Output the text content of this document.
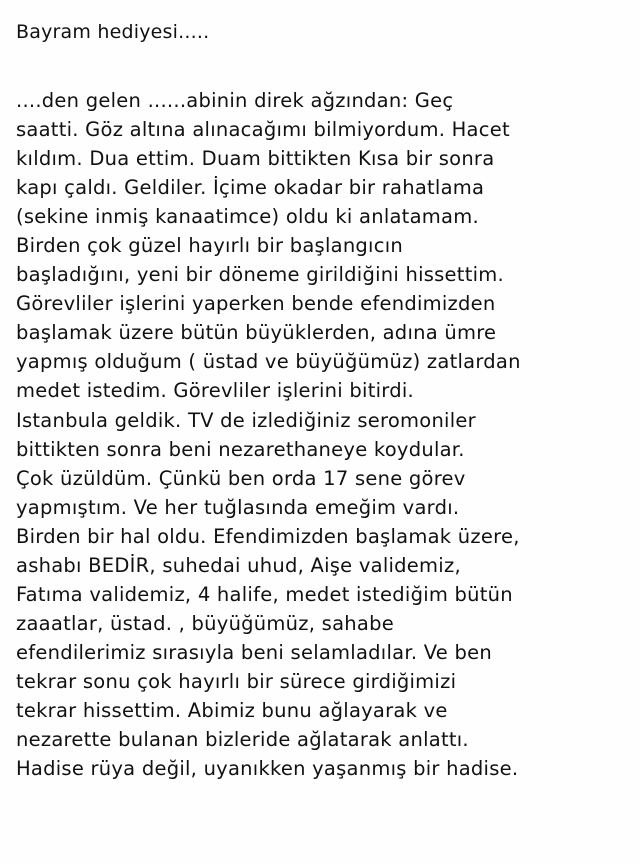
Bayram hediyesi.....
....den gelen ......abinin direk ağzından: Geç
saatti. Göz altına alınacağımı bilmiyordum. Hacet
kıldım. Dua ettim. Duam bittikten Kısa bir sonra
kapı çaldı. Geldiler. İçime okadar bir rahatlama
(sekine inmiş kanaatimce) oldu ki anlatamam.
Birden çok güzel hayırlı bir başlangıcın
başladığını, yeni bir döneme girildiğini hissettim.
Görevliler işlerini yaperken bende efendimizden
başlamak üzere bütün büyüklerden, adına ümre
yapmış olduğum ( üstad ve büyüğümüz) zatlardan
medet istedim. Görevliler işlerini bitirdi.
Istanbula geldik. TV de izlediğiniz seromoniler
bittikten sonra beni nezarethaneye koydular.
Çok üzüldüm. Çünkü ben orda 17 sene görev
yapmıştım. Ve her tuğlasında emeğim vardı.
Birden bir hal oldu. Efendimizden başlamak üzere,
ashabı BEDİR, suhedai uhud, Aişe validemiz,
Fatıma validemiz, 4 halife, medet istediğim bütün
zaaatlar, üstad. , büyüğümüz, sahabe
efendilerimiz sırasıyla beni selamladılar. Ve ben
tekrar sonu çok hayırlı bir sürece girdiğimizi
tekrar hissettim. Abimiz bunu ağlayarak ve
nezarette bulanan bizleride ağlatarak anlattı.
Hadise rüya değil, uyanıkken yaşanmış bir hadise.
